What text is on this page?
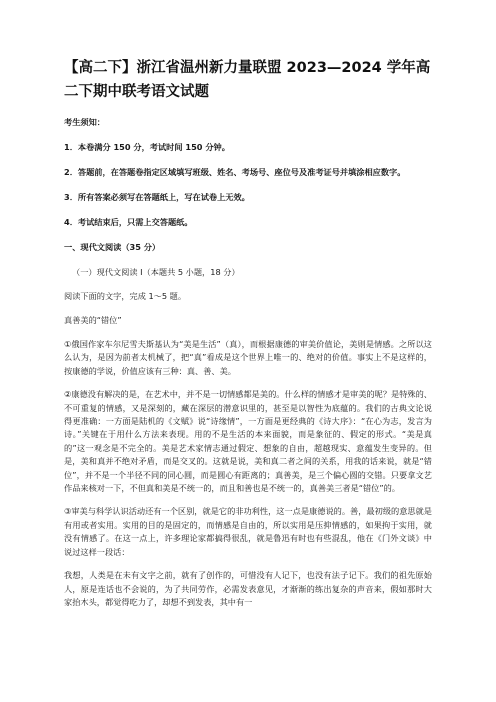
【高二下】浙江省温州新力量联盟 2023—2024 学年高二下期中联考语文试题
考生须知：
1．本卷满分 150 分，考试时间 150 分钟。
2．答题前，在答题卷指定区域填写班级、姓名、考场号、座位号及准考证号并填涂相应数字。
3．所有答案必须写在答题纸上，写在试卷上无效。
4．考试结束后，只需上交答题纸。
一、现代文阅读（35 分）
（一）现代文阅读 Ⅰ（本题共 5 小题，18 分）
阅读下面的文字，完成 1～5 题。
真善美的“错位”
①俄国作家车尔尼雪夫斯基认为“美是生活”（真），而根据康德的审美价值论，美则是情感。之所以这么认为，是因为前者太机械了，把“真”看成是这个世界上唯一的、绝对的价值。事实上不是这样的，按康德的学说，价值应该有三种：真、善、美。
②康德没有解决的是，在艺术中，并不是一切情感都是美的。什么样的情感才是审美的呢？是特殊的、不可重复的情感，又是深刻的，藏在深层的潜意识里的，甚至是以智性为底蕴的。我们的古典文论说得更准确：一方面是陆机的《文赋》说“诗缘情”，一方面是更经典的《诗大序》：“在心为志，发言为诗。”关键在于用什么方法来表现。用的不是生活的本来面貌，而是象征的、假定的形式。“美是真的”这一观念是不完全的。美是艺术家情志通过假定、想象的自由，超越现实、意蕴发生变异的。但是，美和真并不绝对矛盾，而是交叉的。这就是说，美和真二者之间的关系，用我的话来说，就是“错位”，并不是一个半径不同的同心圆，而是圆心有距离的；真善美，是三个偏心圆的交错。只要拿文艺作品来核对一下，不但真和美是不统一的，而且和善也是不统一的，真善美三者是“错位”的。
③审美与科学认识活动还有一个区别，就是它的非功利性，这一点是康德说的。善，最初级的意思就是有用或者实用。实用的目的是固定的，而情感是自由的，所以实用是压抑情感的，如果拘于实用，就没有情感了。在这一点上，许多理论家都搞得很乱，就是鲁迅有时也有些混乱，他在《门外文谈》中说过这样一段话：
我想，人类是在未有文字之前，就有了创作的，可惜没有人记下，也没有法子记下。我们的祖先原始人，原是连话也不会说的，为了共同劳作，必需发表意见，才渐渐的练出复杂的声音来，假如那时大家抬木头，都觉得吃力了，却想不到发表，其中有一
